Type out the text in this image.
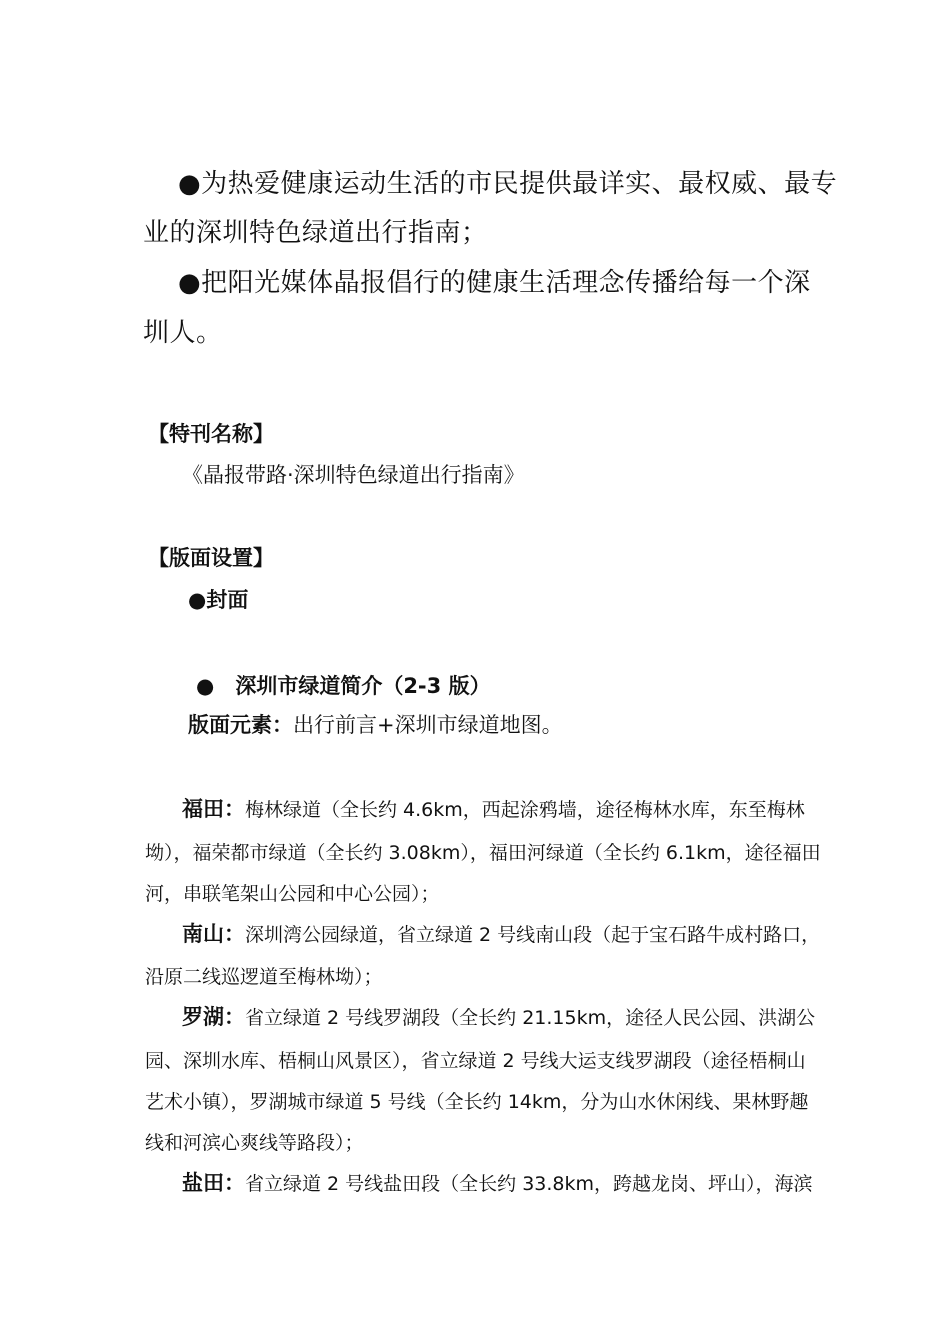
●为热爱健康运动生活的市民提供最详实、最权威、最专
业的深圳特色绿道出行指南；
●把阳光媒体晶报倡行的健康生活理念传播给每一个深
圳人。
【特刊名称】
《晶报带路·深圳特色绿道出行指南》
【版面设置】
●封面
●　深圳市绿道简介（2-3 版）
版面元素：出行前言+深圳市绿道地图。
福田：梅林绿道（全长约 4.6km，西起涂鸦墙，途径梅林水库，东至梅林
坳），福荣都市绿道（全长约 3.08km），福田河绿道（全长约 6.1km，途径福田
河，串联笔架山公园和中心公园）；
南山：深圳湾公园绿道，省立绿道 2 号线南山段（起于宝石路牛成村路口，
沿原二线巡逻道至梅林坳）；
罗湖：省立绿道 2 号线罗湖段（全长约 21.15km，途径人民公园、洪湖公
园、深圳水库、梧桐山风景区），省立绿道 2 号线大运支线罗湖段（途径梧桐山
艺术小镇），罗湖城市绿道 5 号线（全长约 14km，分为山水休闲线、果林野趣
线和河滨心爽线等路段）；
盐田：省立绿道 2 号线盐田段（全长约 33.8km，跨越龙岗、坪山），海滨
